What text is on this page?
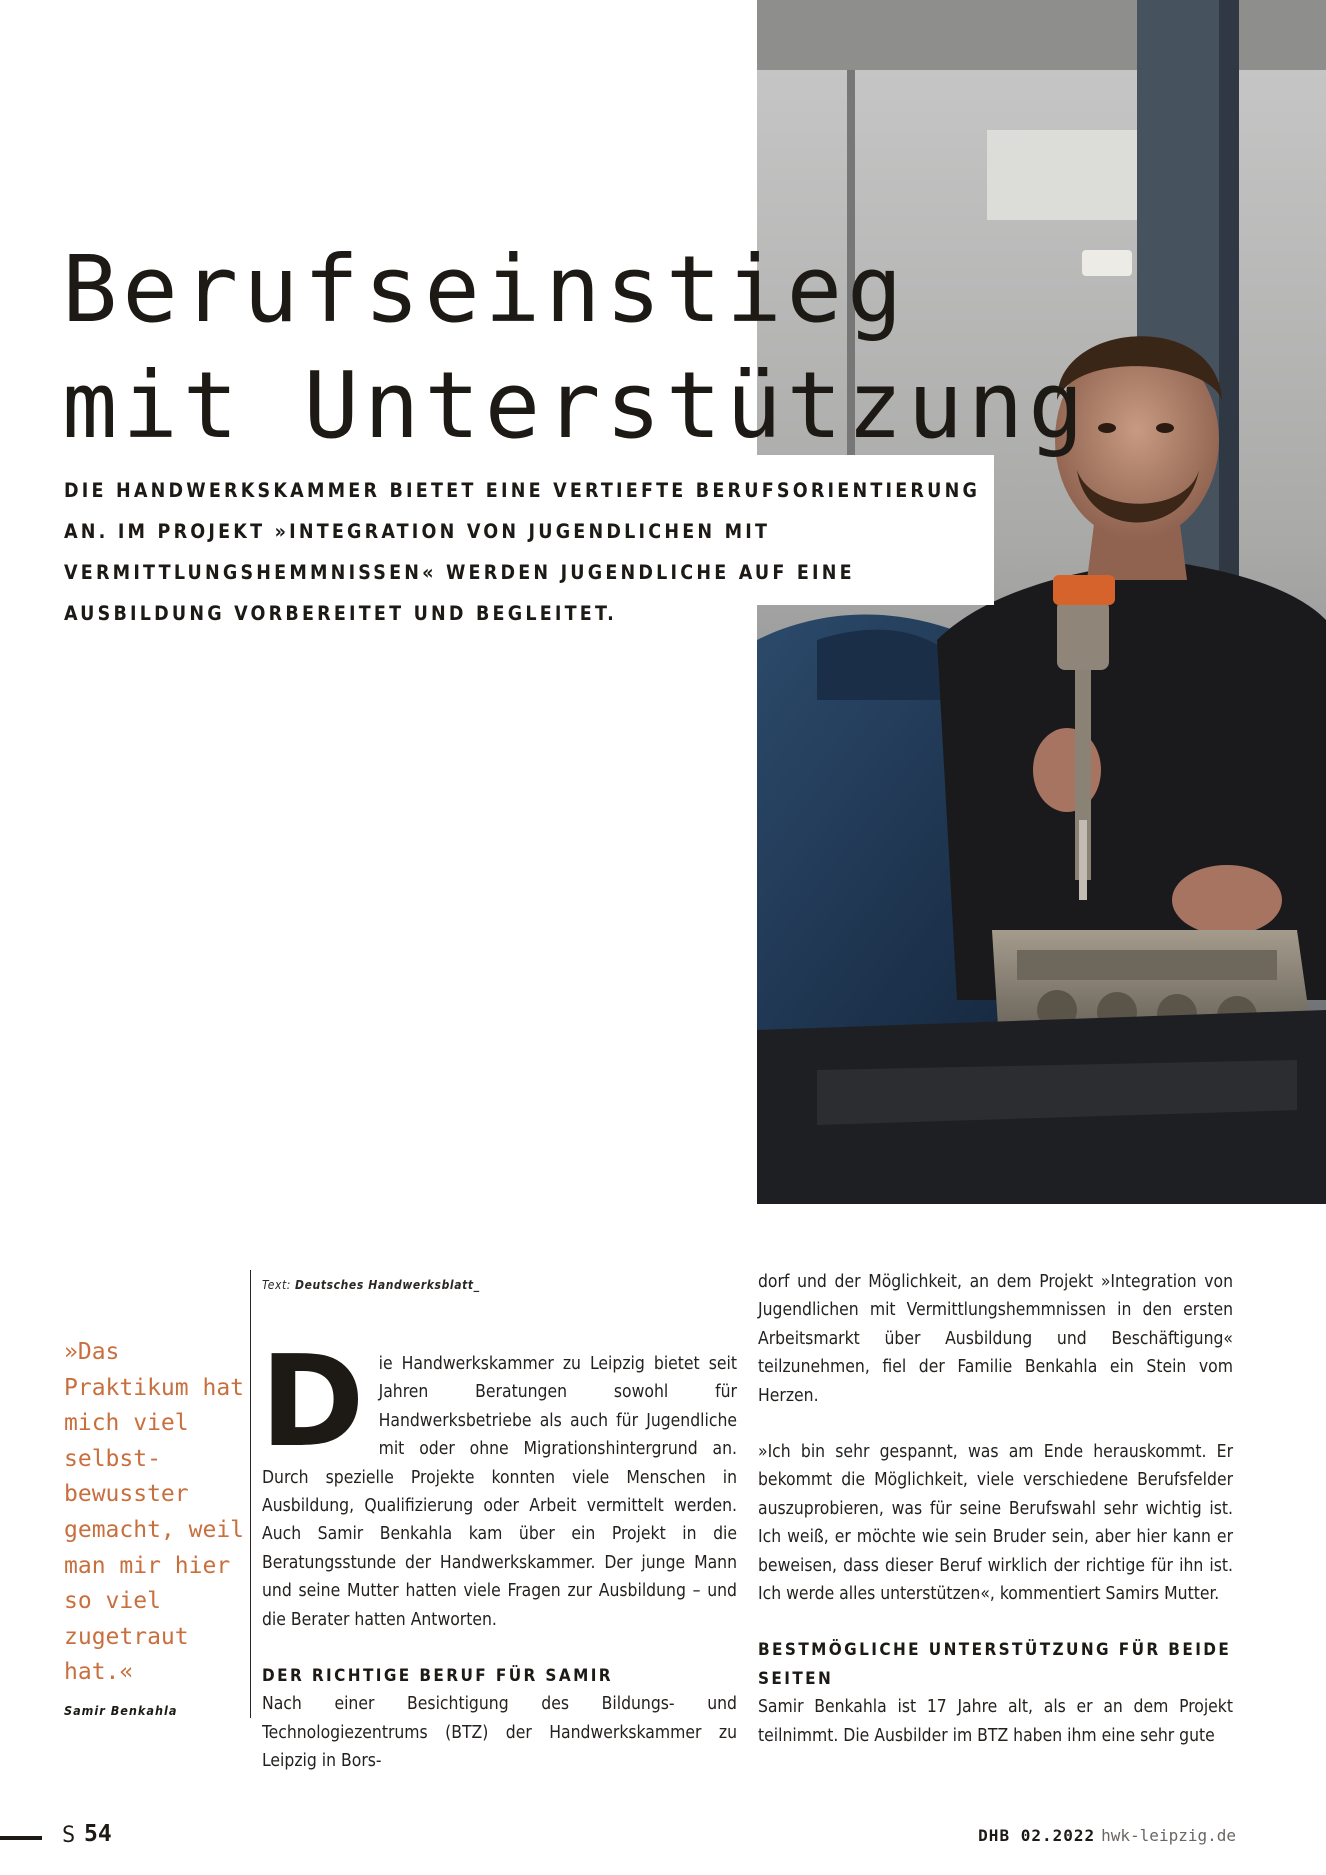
Berufseinstieg
mit Unterstützung

DIE HANDWERKSKAMMER BIETET EINE VERTIEFTE BERUFSORIENTIERUNG AN. IM PROJEKT »INTEGRATION VON JUGENDLICHEN MIT VERMITTLUNGSHEMMNISSEN« WERDEN JUGENDLICHE AUF EINE AUSBILDUNG VORBEREITET UND BEGLEITET.

»Das Praktikum hat mich viel selbstbewusster gemacht, weil man mir hier so viel zugetraut hat.«

Samir Benkahla

Text: Deutsches Handwerksblatt_

D ie Handwerkskammer zu Leipzig bietet seit Jahren Beratungen sowohl für Handwerksbetriebe als auch für Jugendliche mit oder ohne Migrationshintergrund an. Durch spezielle Projekte konnten viele Menschen in Ausbildung, Qualifizierung oder Arbeit vermittelt werden. Auch Samir Benkahla kam über ein Projekt in die Beratungsstunde der Handwerkskammer. Der junge Mann und seine Mutter hatten viele Fragen zur Ausbildung – und die Berater hatten Antworten.

DER RICHTIGE BERUF FÜR SAMIR

Nach einer Besichtigung des Bildungs- und Technologiezentrums (BTZ) der Handwerkskammer zu Leipzig in Bors-

dorf und der Möglichkeit, an dem Projekt »Integration von Jugendlichen mit Vermittlungshemmnissen in den ersten Arbeitsmarkt über Ausbildung und Beschäftigung« teilzunehmen, fiel der Familie Benkahla ein Stein vom Herzen.

»Ich bin sehr gespannt, was am Ende herauskommt. Er bekommt die Möglichkeit, viele verschiedene Berufsfelder auszuprobieren, was für seine Berufswahl sehr wichtig ist. Ich weiß, er möchte wie sein Bruder sein, aber hier kann er beweisen, dass dieser Beruf wirklich der richtige für ihn ist. Ich werde alles unterstützen«, kommentiert Samirs Mutter.

BESTMÖGLICHE UNTERSTÜTZUNG FÜR BEIDE SEITEN

Samir Benkahla ist 17 Jahre alt, als er an dem Projekt teilnimmt. Die Ausbilder im BTZ haben ihm eine sehr gute

S 54	DHB 02.2022 hwk-leipzig.de
